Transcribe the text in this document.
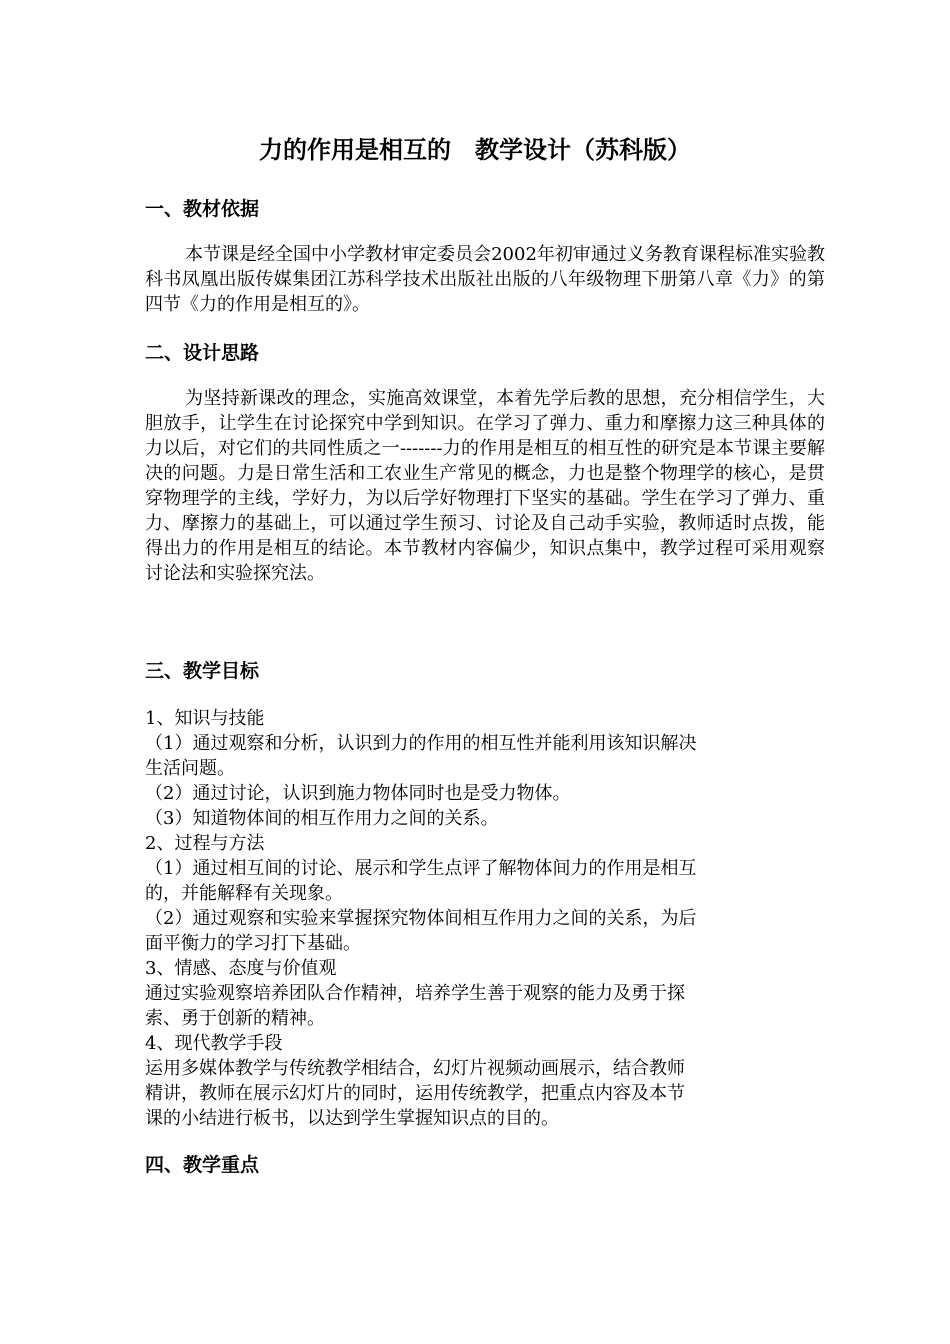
力的作用是相互的　教学设计（苏科版）
一、教材依据
本节课是经全国中小学教材审定委员会2002年初审通过义务教育课程标准实验教科书凤凰出版传媒集团江苏科学技术出版社出版的八年级物理下册第八章《力》的第四节《力的作用是相互的》。
二、设计思路
为坚持新课改的理念，实施高效课堂，本着先学后教的思想，充分相信学生，大胆放手，让学生在讨论探究中学到知识。在学习了弹力、重力和摩擦力这三种具体的力以后，对它们的共同性质之一-------力的作用是相互的相互性的研究是本节课主要解决的问题。力是日常生活和工农业生产常见的概念，力也是整个物理学的核心，是贯穿物理学的主线，学好力，为以后学好物理打下坚实的基础。学生在学习了弹力、重力、摩擦力的基础上，可以通过学生预习、讨论及自己动手实验，教师适时点拨，能得出力的作用是相互的结论。本节教材内容偏少，知识点集中，教学过程可采用观察讨论法和实验探究法。
三、教学目标
1、知识与技能
（1）通过观察和分析，认识到力的作用的相互性并能利用该知识解决
生活问题。
（2）通过讨论，认识到施力物体同时也是受力物体。
（3）知道物体间的相互作用力之间的关系。
2、过程与方法
（1）通过相互间的讨论、展示和学生点评了解物体间力的作用是相互
的，并能解释有关现象。
（2）通过观察和实验来掌握探究物体间相互作用力之间的关系，为后
面平衡力的学习打下基础。
3、情感、态度与价值观
通过实验观察培养团队合作精神，培养学生善于观察的能力及勇于探
索、勇于创新的精神。
4、现代教学手段
运用多媒体教学与传统教学相结合，幻灯片视频动画展示，结合教师
精讲，教师在展示幻灯片的同时，运用传统教学，把重点内容及本节
课的小结进行板书，以达到学生掌握知识点的目的。
四、教学重点
